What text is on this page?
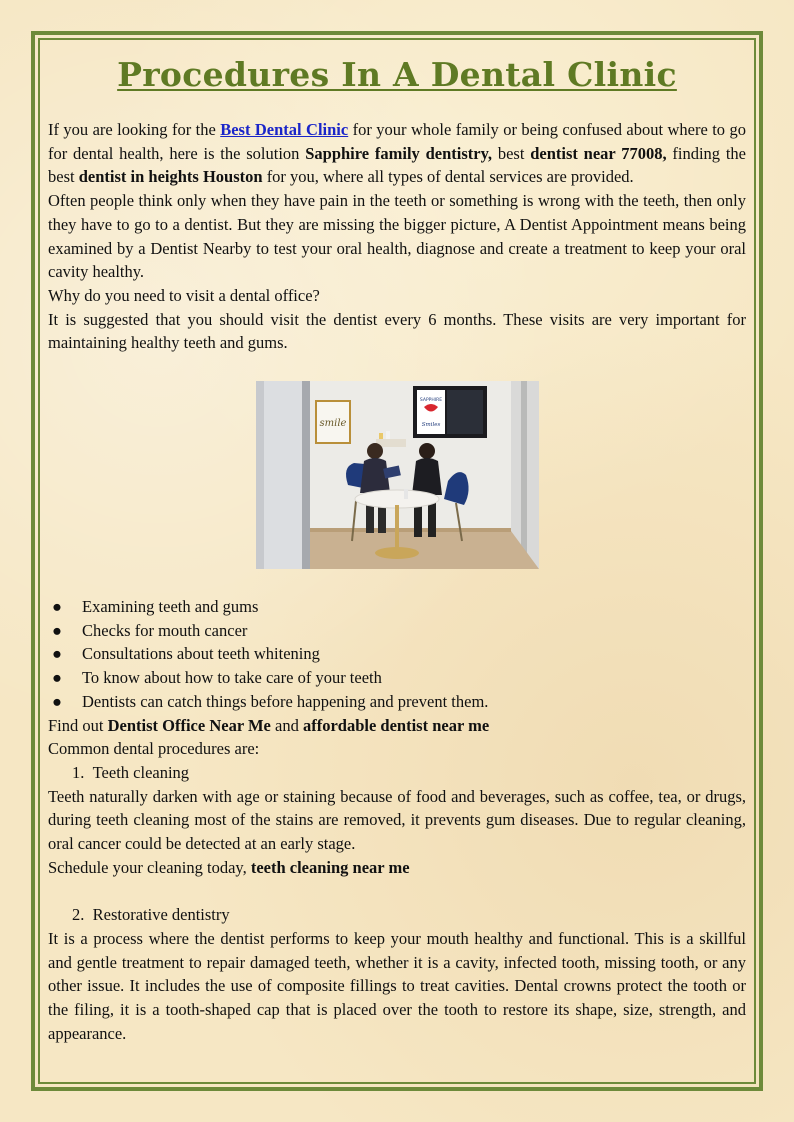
Procedures In A Dental Clinic

If you are looking for the Best Dental Clinic for your whole family or being confused about where to go for dental health, here is the solution Sapphire family dentistry, best dentist near 77008, finding the best dentist in heights Houston for you, where all types of dental services are provided.

Often people think only when they have pain in the teeth or something is wrong with the teeth, then only they have to go to a dentist. But they are missing the bigger picture, A Dentist Appointment means being examined by a Dentist Nearby to test your oral health, diagnose and create a treatment to keep your oral cavity healthy.

Why do you need to visit a dental office?

It is suggested that you should visit the dentist every 6 months. These visits are very important for maintaining healthy teeth and gums.

smile
SAPPHIRE
Smiles
● Examining teeth and gums
● Checks for mouth cancer
● Consultations about teeth whitening
● To know about how to take care of your teeth
● Dentists can catch things before happening and prevent them.

Find out Dentist Office Near Me and affordable dentist near me

Common dental procedures are:

1. Teeth cleaning

Teeth naturally darken with age or staining because of food and beverages, such as coffee, tea, or drugs, during teeth cleaning most of the stains are removed, it prevents gum diseases. Due to regular cleaning, oral cancer could be detected at an early stage.

Schedule your cleaning today, teeth cleaning near me

2. Restorative dentistry

It is a process where the dentist performs to keep your mouth healthy and functional. This is a skillful and gentle treatment to repair damaged teeth, whether it is a cavity, infected tooth, missing tooth, or any other issue. It includes the use of composite fillings to treat cavities. Dental crowns protect the tooth or the filing, it is a tooth-shaped cap that is placed over the tooth to restore its shape, size, strength, and appearance.
